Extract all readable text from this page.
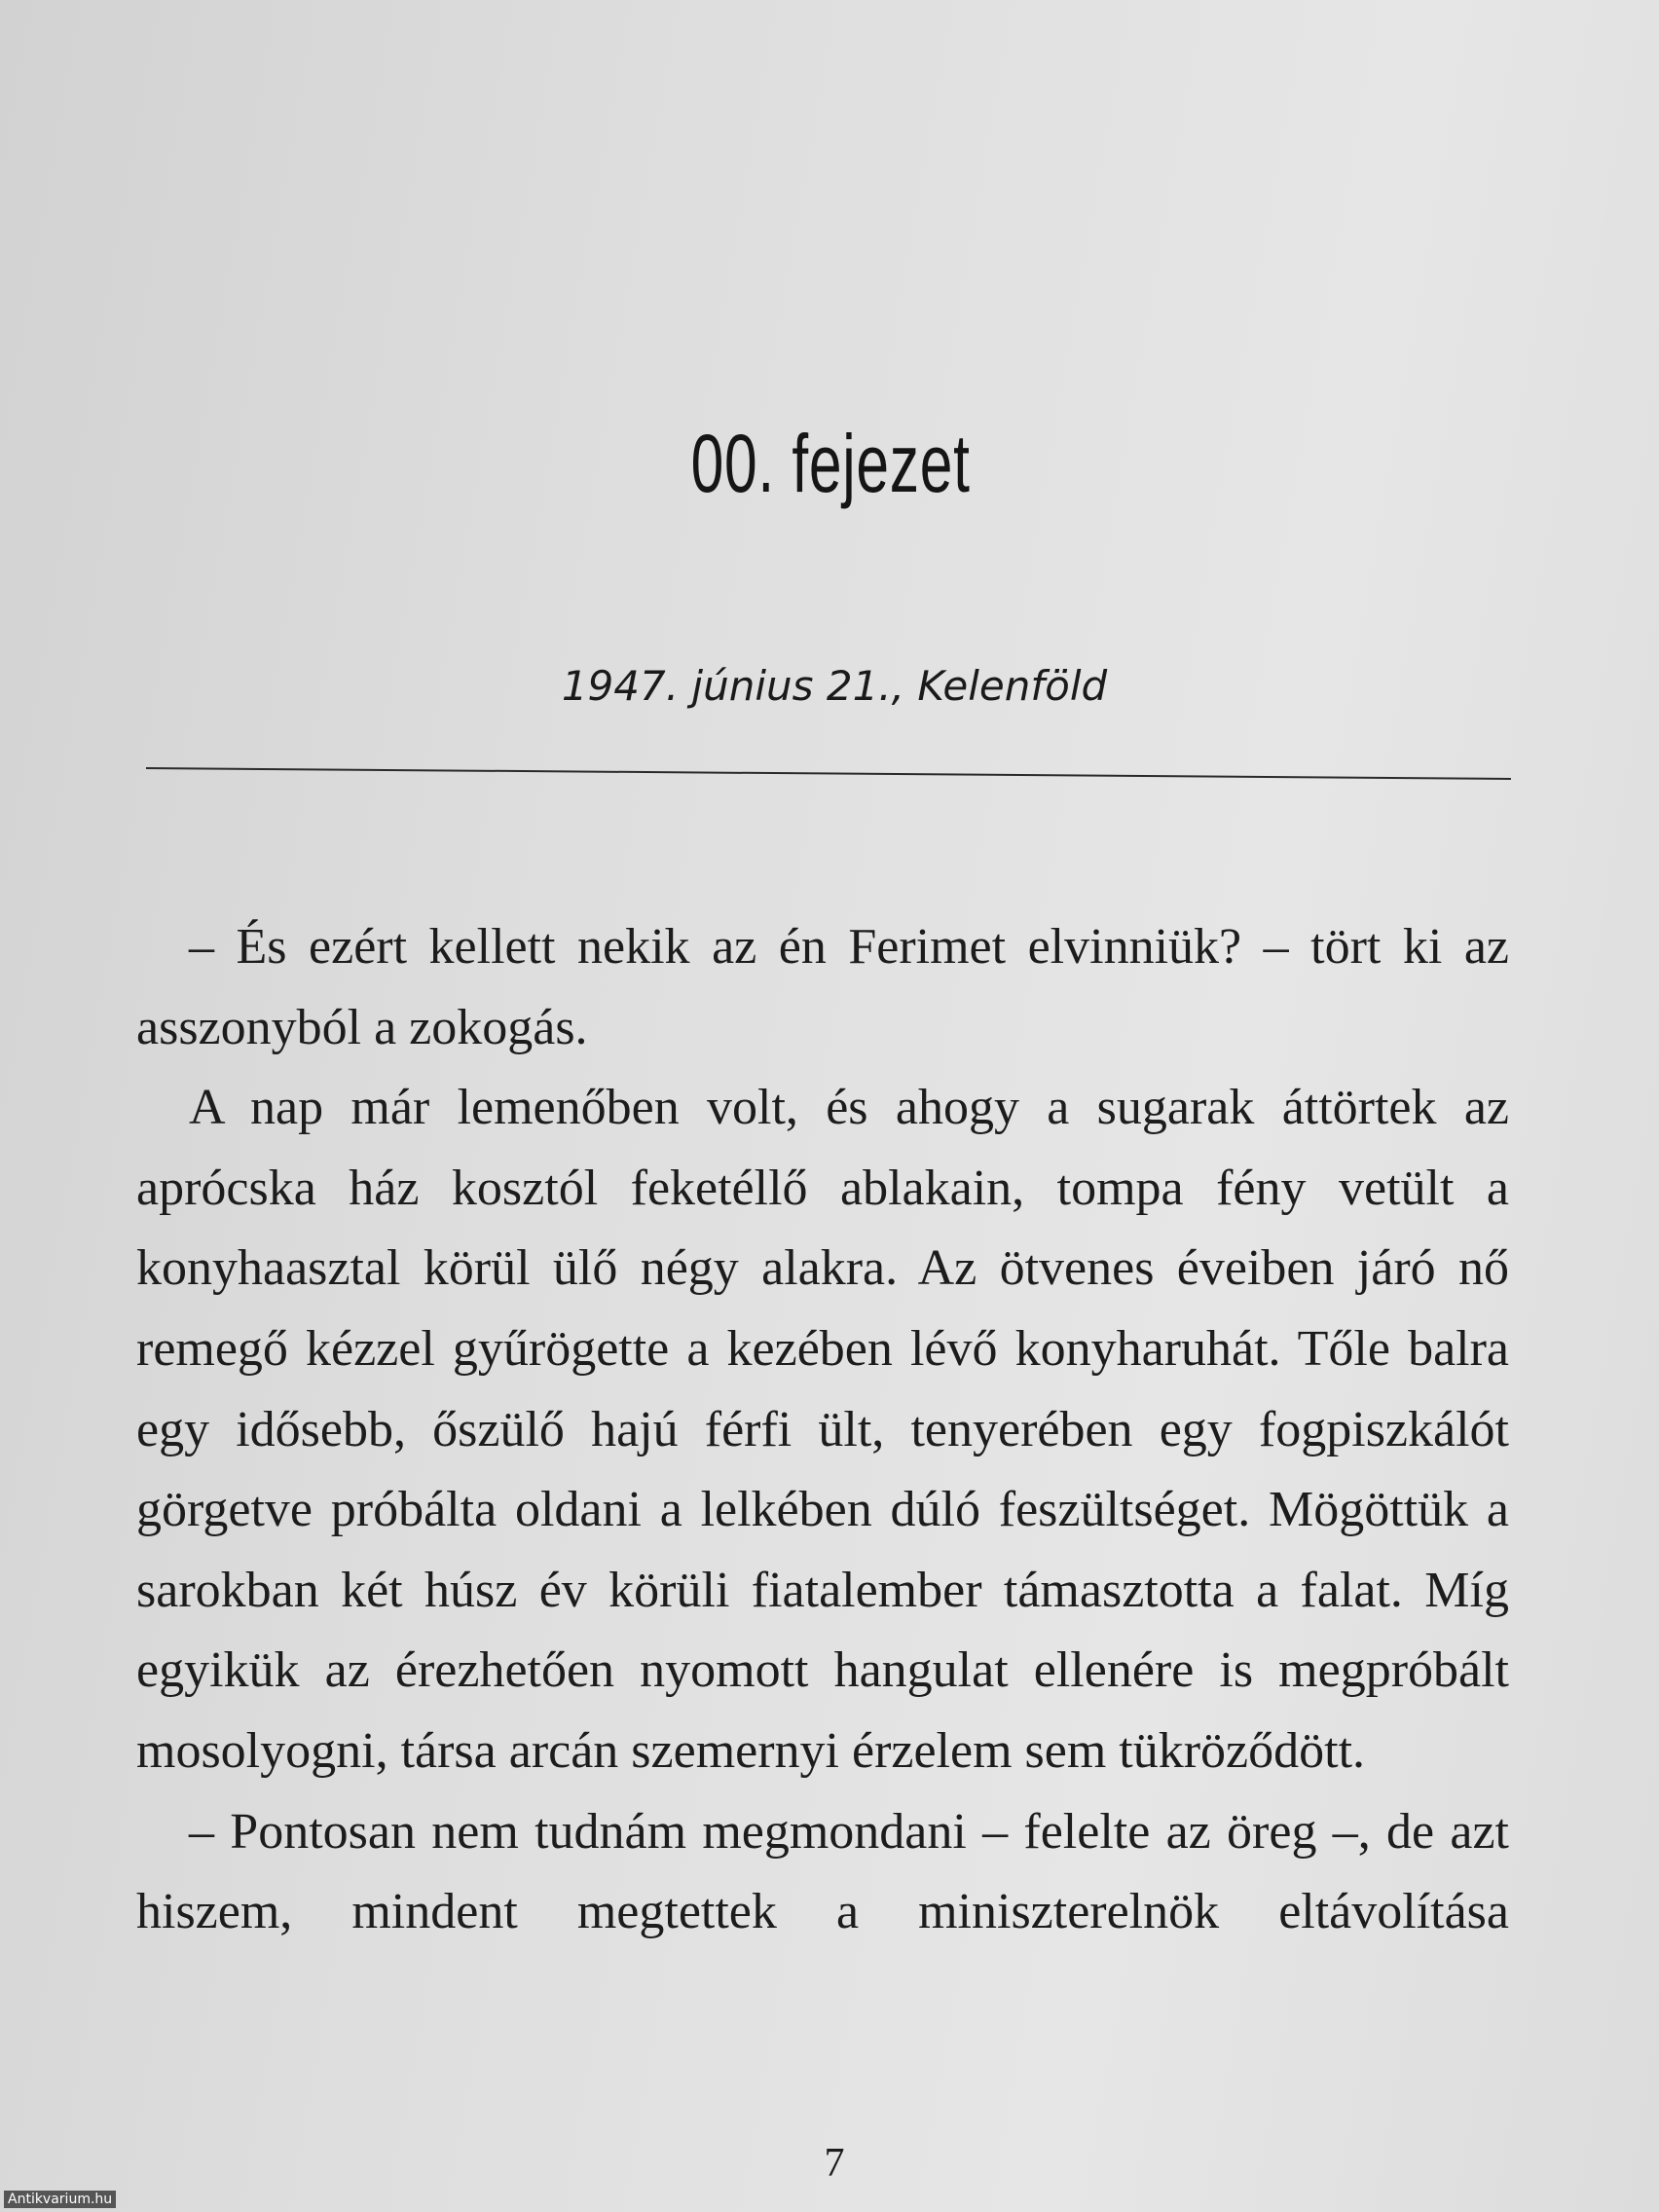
00. fejezet
1947. június 21., Kelenföld

– És ezért kellett nekik az én Ferimet elvinniük? – tört ki az asszonyból a zokogás.

A nap már lemenőben volt, és ahogy a sugarak áttörtek az aprócska ház kosztól feketéllő ablakain, tompa fény vetült a konyhaasztal körül ülő négy alakra. Az ötvenes éveiben járó nő remegő kézzel gyűrögette a kezében lévő konyharuhát. Tőle balra egy idősebb, őszülő hajú férfi ült, tenyerében egy fogpiszkálót görgetve próbálta oldani a lelkében dúló feszültséget. Mögöttük a sarokban két húsz év körüli fiatalember támasztotta a falat. Míg egyikük az érezhetően nyomott hangulat ellenére is megpróbált mosolyogni, társa arcán szemernyi érzelem sem tükröződött.

– Pontosan nem tudnám megmondani – felelte az öreg –, de azt hiszem, mindent megtettek a miniszterelnök eltávolítása

7
Antikvarium.hu
